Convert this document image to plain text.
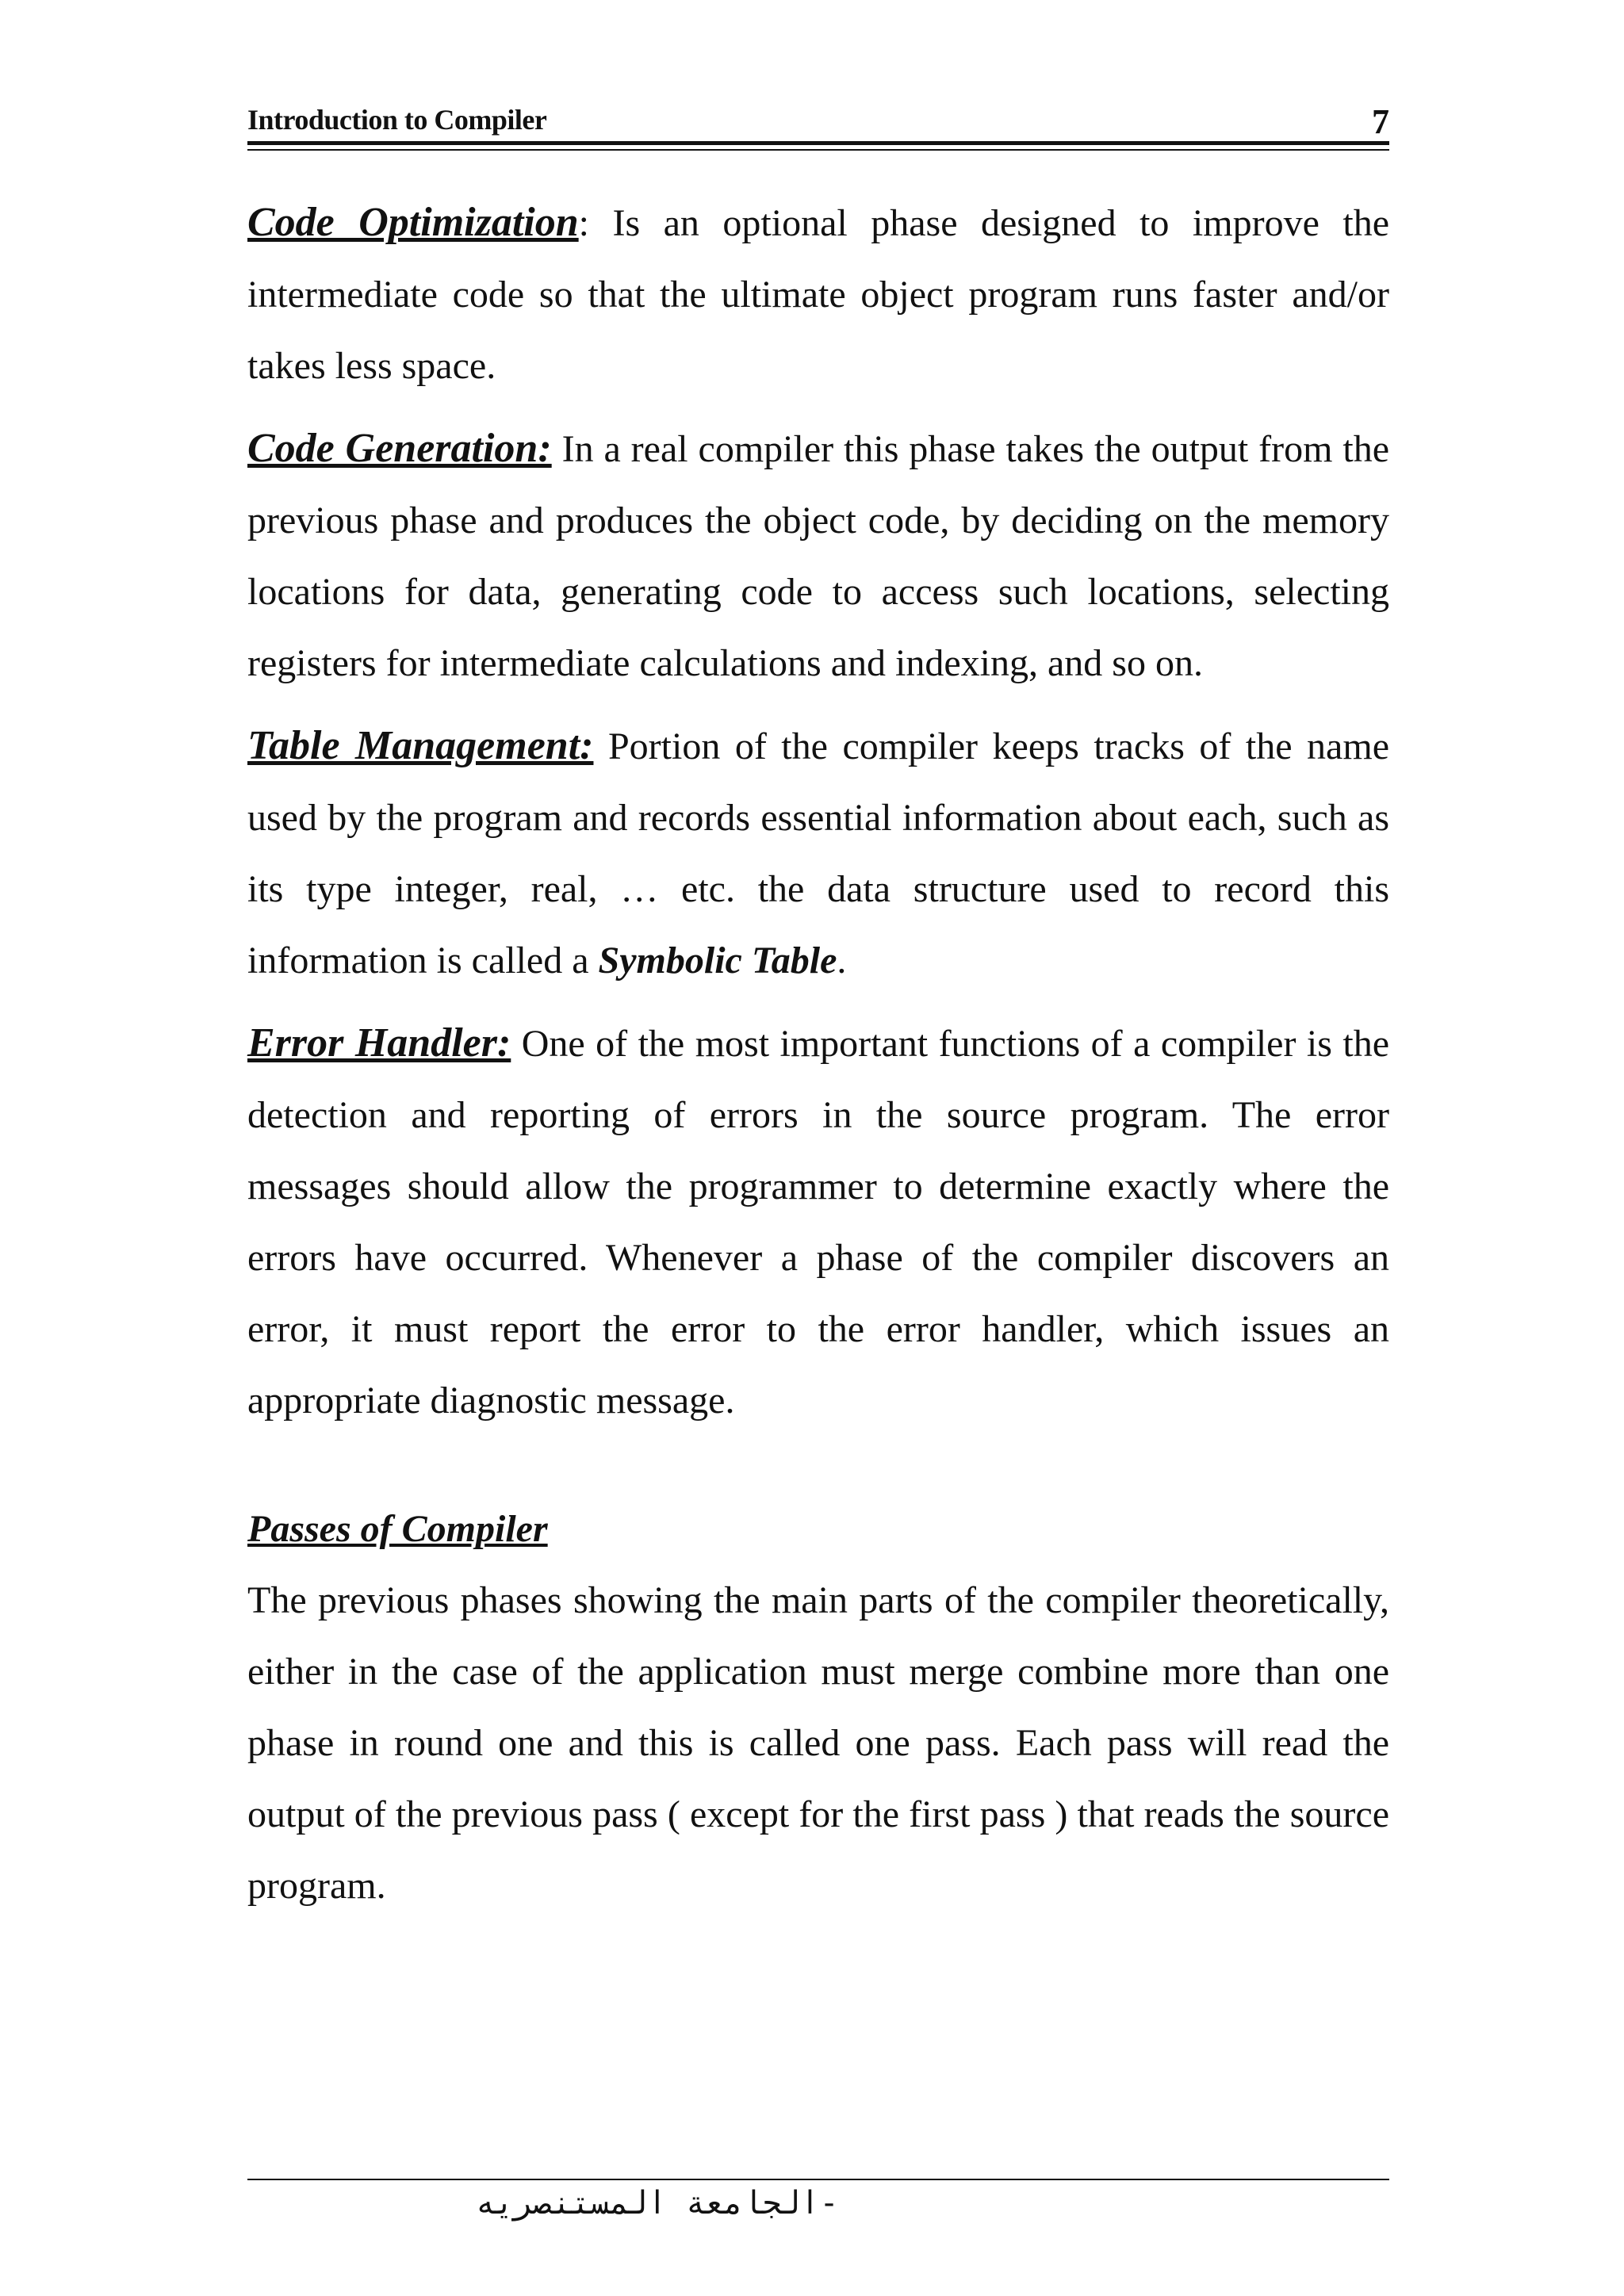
Introduction to Compiler	7

Code Optimization: Is an optional phase designed to improve the intermediate code so that the ultimate object program runs faster and/or takes less space.

Code Generation: In a real compiler this phase takes the output from the previous phase and produces the object code, by deciding on the memory locations for data, generating code to access such locations, selecting registers for intermediate calculations and indexing, and so on.

Table Management: Portion of the compiler keeps tracks of the name used by the program and records essential information about each, such as its type integer, real, … etc. the data structure used to record this information is called a Symbolic Table.

Error Handler: One of the most important functions of a compiler is the detection and reporting of errors in the source program. The error messages should allow the programmer to determine exactly where the errors have occurred. Whenever a phase of the compiler discovers an error, it must report the error to the error handler, which issues an appropriate diagnostic message.

Passes of Compiler

The previous phases showing the main parts of the compiler theoretically, either in the case of the application must merge combine more than one phase in round one and this is called one pass. Each pass will read the output of the previous pass ( except for the first pass ) that reads the source program.

-الجامعة المستنصريه
